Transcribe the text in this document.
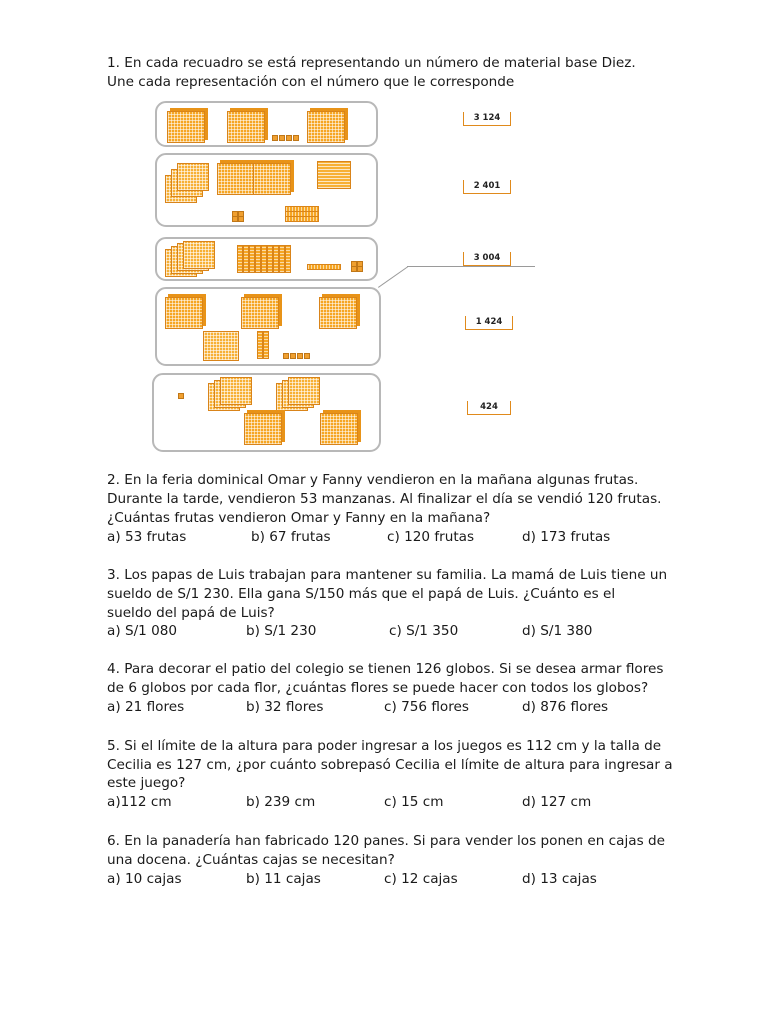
1. En cada recuadro se está representando un número de material base Diez.
Une cada representación con el número que le corresponde
3 124
2 401
3 004
1 424
424
2. En la feria dominical Omar y Fanny vendieron en la mañana algunas frutas.
Durante la tarde, vendieron 53 manzanas. Al finalizar el día se vendió 120 frutas.
¿Cuántas frutas vendieron Omar y Fanny en la mañana?
a) 53 frutas	b) 67 frutas	c) 120 frutas	d) 173 frutas
3. Los papas de Luis trabajan para mantener su familia. La mamá de Luis tiene un
sueldo de S/1 230. Ella gana S/150 más que el papá de Luis. ¿Cuánto es el
sueldo del papá de Luis?
a) S/1 080	b) S/1 230	c) S/1 350	d) S/1 380
4. Para decorar el patio del colegio se tienen 126 globos. Si se desea armar flores
de 6 globos por cada flor, ¿cuántas flores se puede hacer con todos los globos?
a) 21 flores	b) 32 flores	c) 756 flores	d) 876 flores
5. Si el límite de la altura para poder ingresar a los juegos es 112 cm y la talla de
Cecilia es 127 cm, ¿por cuánto sobrepasó Cecilia el límite de altura para ingresar a
este juego?
a)112 cm	b) 239 cm	c) 15 cm	d) 127 cm
6. En la panadería han fabricado 120 panes. Si para vender los ponen en cajas de
una docena. ¿Cuántas cajas se necesitan?
a) 10 cajas	b) 11 cajas	c) 12 cajas	d) 13 cajas
